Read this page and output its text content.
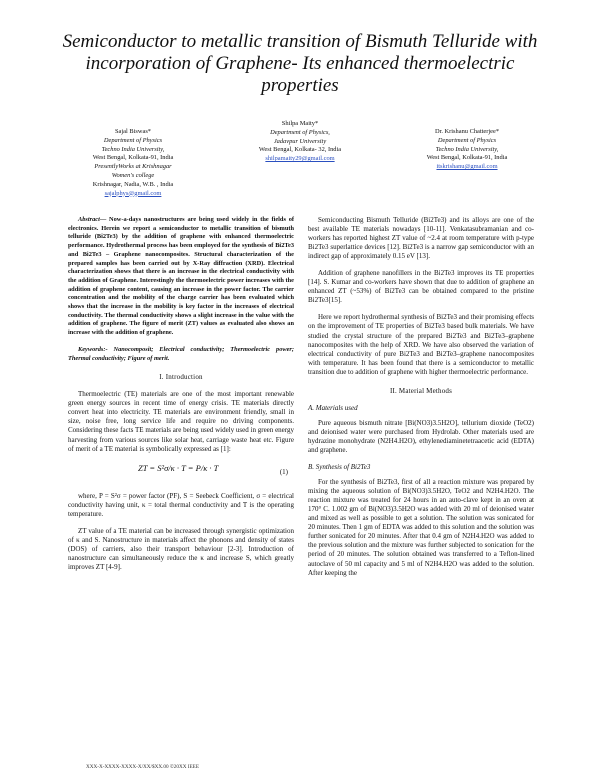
Semiconductor to metallic transition of Bismuth Telluride with incorporation of Graphene- Its enhanced thermoelectric properties
Sajal Biswas*
Department of Physics
Techno India University,
West Bengal, Kolkata-91, India
PresentlyWorks at Krishnagar
Women's college
Krishnagar, Nadia, W.B. , India
sajalphys@gmail.com
Shilpa Maity*
Department of Physics,
Jadavpur University
West Bengal, Kolkata- 32, India
shilpamaity29@gmail.com
Dr. Krishanu Chatterjee*
Department of Physics
Techno India University,
West Bengal, Kolkata-91, India
itskrishanu@gmail.com

Abstract— Now-a-days nanostructures are being used widely in the fields of electronics. Herein we report a semiconductor to metallic transition of bismuth telluride (Bi2Te3) by the addition of graphene with enhanced thermoelectric performance. Hydrothermal process has been employed for the synthesis of Bi2Te3 and Bi2Te3 – Graphene nanocomposites. Structural characterization of the prepared samples has been carried out by X-Ray diffraction (XRD). Electrical characterization shows that there is an increase in the electrical conductivity with the addition of Graphene. Interestingly the thermoelectric power increases with the addition of graphene content, causing an increase in the power factor. The carrier concentration and the mobility of the charge carrier has been evaluated which shows that the increase in the mobility is key factor in the increases of electrical conductivity. The thermal conductivity shows a slight increase in the value with the addition of graphene. The figure of merit (ZT) values as evaluated also shows an increase with the addition of graphene.

Keywords:- Nanocomposit; Electrical conductivity; Thermoelectric power; Thermal conductivity; Figure of merit.

I. Introduction

Thermoelectric (TE) materials are one of the most important renewable green energy sources in recent time of energy crisis. TE materials directly convert heat into electricity. TE materials are environment friendly, small in size, noise free, long service life and require no driving components. Considering these facts TE materials are being used widely used in green energy harvesting from various sources like solar heat, carriage waste heat etc. Figure of merit of a TE material is symbolically expressed as [1]:

ZT = S²σ/κ · T = P/κ · T	(1)

where, P = S²σ = power factor (PF), S = Seebeck Coefficient, σ = electrical conductivity having unit, κ = total thermal conductivity and T is the operating temperature.

ZT value of a TE material can be increased through synergistic optimization of κ and S. Nanostructure in materials affect the phonons and density of states (DOS) of carriers, also their transport behaviour [2-3]. Introduction of nanostructure can simultaneously reduce the κ and increase S, which greatly improves ZT [4-9].

Semiconducting Bismuth Telluride (Bi2Te3) and its alloys are one of the best available TE materials nowadays [10-11]. Venkatasubramanian and co-workers has reported highest ZT value of ~2.4 at room temperature with p-type Bi2Te3 superlattice devices [12]. Bi2Te3 is a narrow gap semiconductor with an indirect gap of approximately 0.15 eV [13].

Addition of graphene nanofillers in the Bi2Te3 improves its TE properties [14]. S. Kumar and co-workers have shown that due to addition of graphene an enhanced ZT (~53%) of Bi2Te3 can be obtained compared to the pristine Bi2Te3[15].

Here we report hydrothermal synthesis of Bi2Te3 and their promising effects on the improvement of TE properties of Bi2Te3 based bulk materials. We have studied the crystal structure of the prepared Bi2Te3 and Bi2Te3–graphene nanocomposites with the help of XRD. We have also observed the variation of electrical conductivity of pure Bi2Te3 and Bi2Te3–graphene nanocomposites with temperature. It has been found that there is a semiconductor to metallic transition due to addition of graphene with higher thermoelectric performance.

II. Material Methods

A. Materials used

Pure aqueous bismuth nitrate [Bi(NO3)3.5H2O], tellurium dioxide (TeO2) and deionised water were purchased from Hydrolab. Other materials used are hydrazine monohydrate (N2H4.H2O), ethylenediaminetetraacetic acid (EDTA) and graphene.

B. Synthesis of Bi2Te3

For the synthesis of Bi2Te3, first of all a reaction mixture was prepared by mixing the aqueous solution of Bi(NO3)3.5H2O, TeO2 and N2H4.H2O. The reaction mixture was treated for 24 hours in an auto-clave kept in an oven at 170° C. 1.002 gm of Bi(NO3)3.5H2O was added with 20 ml of deionised water and mixed as well as possible to get a solution. The solution was sonicated for 20 minutes. Then 1 gm of EDTA was added to this solution and the solution was further sonicated for 20 minutes. After that 0.4 gm of N2H4.H2O was added to the previous solution and the mixture was further subjected to sonication for the period of 20 minutes. The solution obtained was transferred to a Teflon-lined autoclave of 50 ml capacity and 5 ml of N2H4.H2O was added to the solution. After keeping the

XXX-X-XXXX-XXXX-X/XX/$XX.00 ©20XX IEEE
